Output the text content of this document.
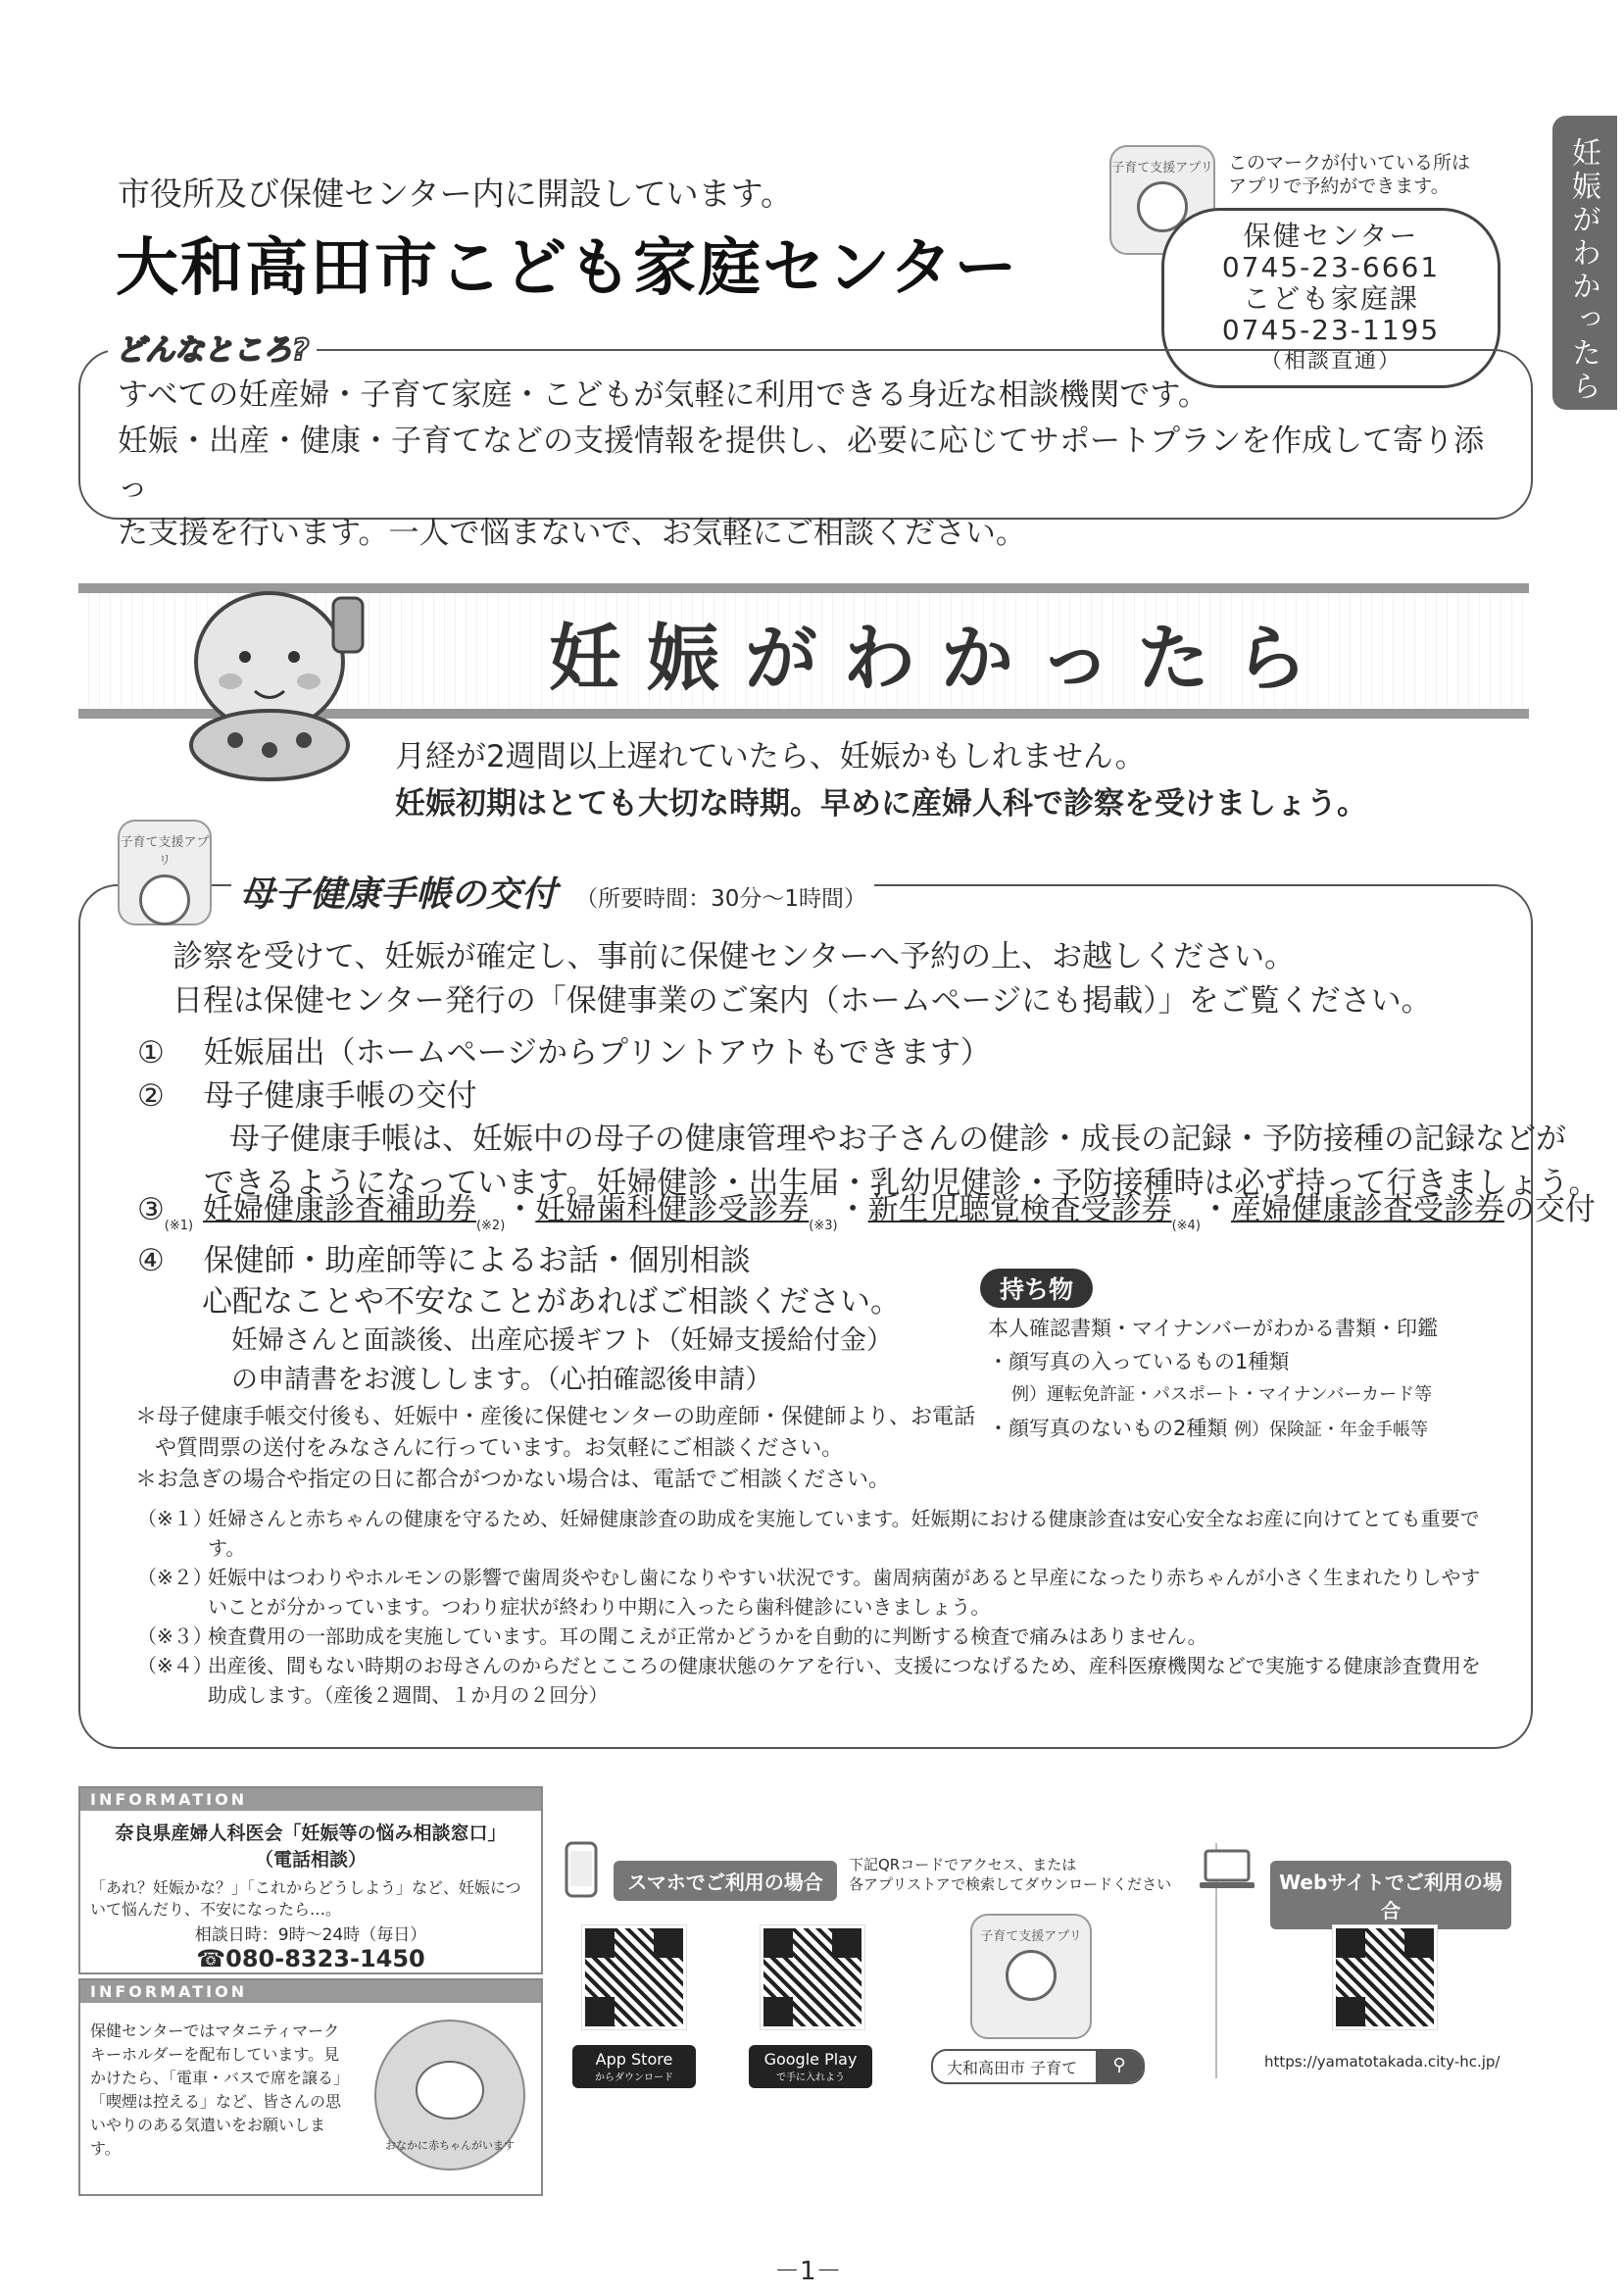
妊娠がわかったら
市役所及び保健センター内に開設しています。
大和高田市こども家庭センター
子育て支援アプリ このマークが付いている所は
アプリで予約ができます。
保健センター
0745-23-6661
こども家庭課
0745-23-1195
（相談直通）
どんなところ?
すべての妊産婦・子育て家庭・こどもが気軽に利用できる身近な相談機関です。
妊娠・出産・健康・子育てなどの支援情報を提供し、必要に応じてサポートプランを作成して寄り添っ
た支援を行います。一人で悩まないで、お気軽にご相談ください。
妊娠がわかったら
月経が2週間以上遅れていたら、妊娠かもしれません。
妊娠初期はとても大切な時期。早めに産婦人科で診察を受けましょう。
子育て支援アプリ
母子健康手帳の交付 （所要時間：30分～1時間）
診察を受けて、妊娠が確定し、事前に保健センターへ予約の上、お越しください。
日程は保健センター発行の「保健事業のご案内（ホームページにも掲載）」をご覧ください。
① 妊娠届出（ホームページからプリントアウトもできます）
② 母子健康手帳の交付
母子健康手帳は、妊娠中の母子の健康管理やお子さんの健診・成長の記録・予防接種の記録などが
できるようになっています。妊婦健診・出生届・乳幼児健診・予防接種時は必ず持って行きましょう。
$③_{(※1)}$ 妊婦健康診査補助券$_{(※2)}$・妊婦歯科健診受診券$_{(※3)}$・新生児聴覚検査受診券$_{(※4)}$・産婦健康診査受診券の交付
④ 保健師・助産師等によるお話・個別相談
心配なことや不安なことがあればご相談ください。
妊婦さんと面談後、出産応援ギフト（妊婦支援給付金）
の申請書をお渡しします。（心拍確認後申請）
持ち物
本人確認書類・マイナンバーがわかる書類・印鑑
・顔写真の入っているもの1種類
例）運転免許証・パスポート・マイナンバーカード等
・顔写真のないもの2種類 例）保険証・年金手帳等
＊母子健康手帳交付後も、妊娠中・産後に保健センターの助産師・保健師より、お電話
や質問票の送付をみなさんに行っています。お気軽にご相談ください。
＊お急ぎの場合や指定の日に都合がつかない場合は、電話でご相談ください。
（※１）
妊婦さんと赤ちゃんの健康を守るため、妊婦健康診査の助成を実施しています。妊娠期における健康診査は安心安全なお産に向けてとても重要です。
（※２）
妊娠中はつわりやホルモンの影響で歯周炎やむし歯になりやすい状況です。歯周病菌があると早産になったり赤ちゃんが小さく生まれたりしやすいことが分かっています。つわり症状が終わり中期に入ったら歯科健診にいきましょう。
（※３）
検査費用の一部助成を実施しています。耳の聞こえが正常かどうかを自動的に判断する検査で痛みはありません。
（※４）
出産後、間もない時期のお母さんのからだとこころの健康状態のケアを行い、支援につなげるため、産科医療機関などで実施する健康診査費用を助成します。（産後２週間、１か月の２回分）
INFORMATION
奈良県産婦人科医会「妊娠等の悩み相談窓口」
（電話相談）
「あれ？妊娠かな？」「これからどうしよう」など、妊娠について悩んだり、不安になったら…。
相談日時：9時～24時（毎日）
☎080-8323-1450
INFORMATION
保健センターではマタニティマークキーホルダーを配布しています。見かけたら、「電車・バスで席を譲る」「喫煙は控える」など、皆さんの思いやりのある気遣いをお願いします。	おなかに赤ちゃんがいます
スマホでご利用の場合
下記QRコードでアクセス、または
各アプリストアで検索してダウンロードください
App Store
からダウンロード
Google Play
で手に入れよう
子育て支援アプリ
大和高田市 子育て	⚲
Webサイトでご利用の場合
https://yamatotakada.city-hc.jp/
－1－
